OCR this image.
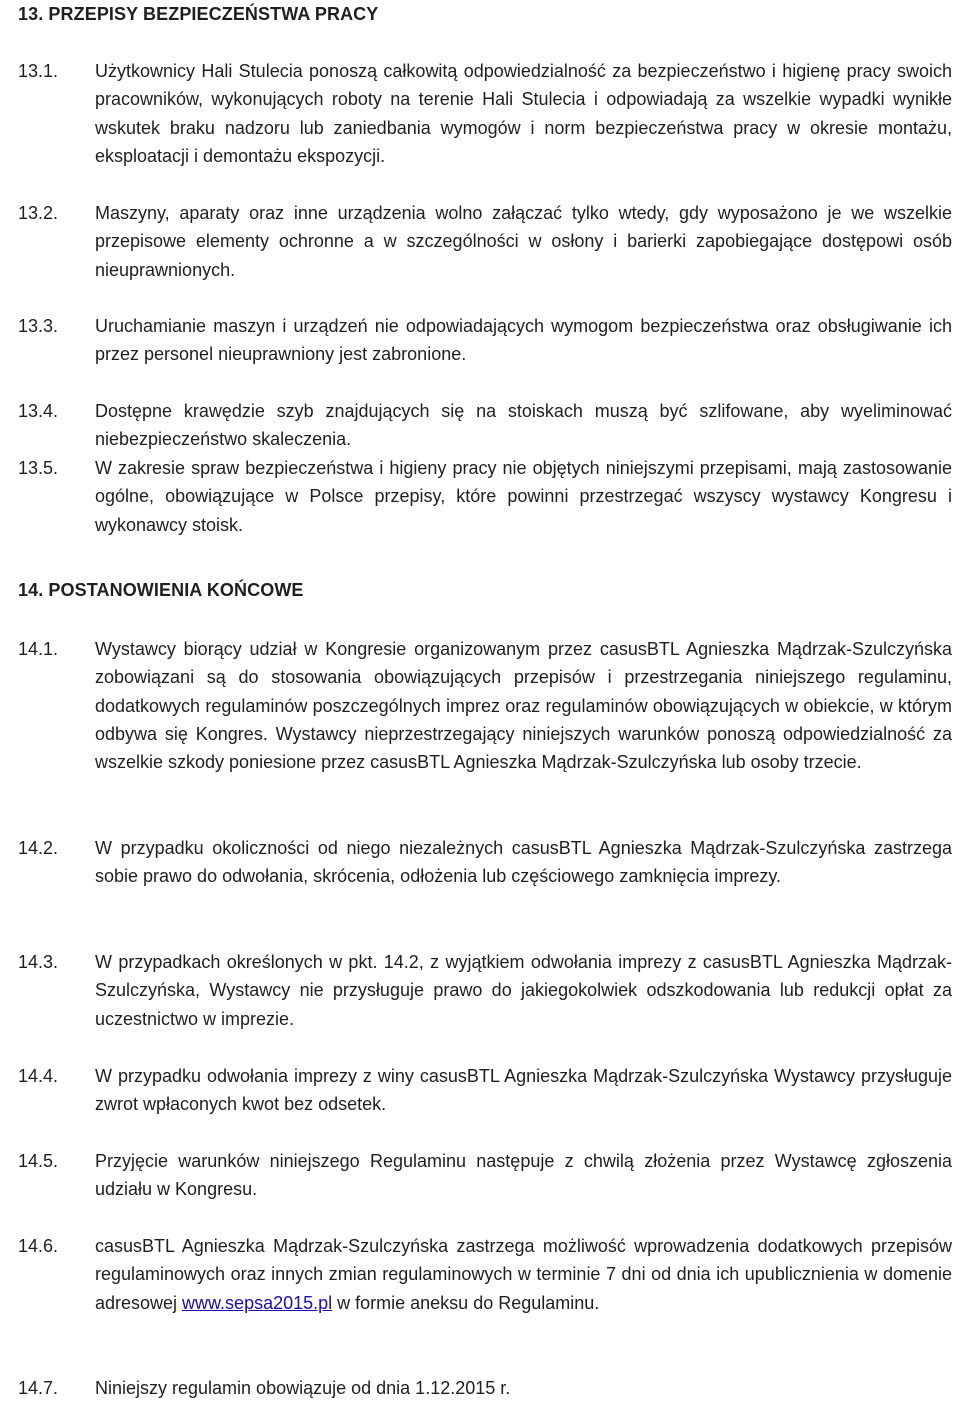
13. PRZEPISY BEZPIECZEŃSTWA PRACY
13.1.	Użytkownicy Hali Stulecia ponoszą całkowitą odpowiedzialność za bezpieczeństwo i higienę pracy swoich pracowników, wykonujących roboty na terenie Hali Stulecia i odpowiadają za wszelkie wypadki wynikłe wskutek braku nadzoru lub zaniedbania wymogów i norm bezpieczeństwa pracy w okresie montażu, eksploatacji i demontażu ekspozycji.
13.2.	Maszyny, aparaty oraz inne urządzenia wolno załączać tylko wtedy, gdy wyposażono je we wszelkie przepisowe elementy ochronne a w szczególności w osłony i barierki zapobiegające dostępowi osób nieuprawnionych.
13.3.	Uruchamianie maszyn i urządzeń nie odpowiadających wymogom bezpieczeństwa oraz obsługiwanie ich przez personel nieuprawniony jest zabronione.
13.4.	Dostępne krawędzie szyb znajdujących się na stoiskach muszą być szlifowane, aby wyeliminować niebezpieczeństwo skaleczenia.
13.5.	W zakresie spraw bezpieczeństwa i higieny pracy nie objętych niniejszymi przepisami, mają zastosowanie ogólne, obowiązujące w Polsce przepisy, które powinni przestrzegać wszyscy wystawcy Kongresu i wykonawcy stoisk.
14. POSTANOWIENIA KOŃCOWE
14.1.	Wystawcy biorący udział w Kongresie organizowanym przez casusBTL Agnieszka Mądrzak-Szulczyńska zobowiązani są do stosowania obowiązujących przepisów i przestrzegania niniejszego regulaminu, dodatkowych regulaminów poszczególnych imprez oraz regulaminów obowiązujących w obiekcie, w którym odbywa się Kongres. Wystawcy nieprzestrzegający niniejszych warunków ponoszą odpowiedzialność za wszelkie szkody poniesione przez casusBTL Agnieszka Mądrzak-Szulczyńska lub osoby trzecie.
14.2.	W przypadku okoliczności od niego niezależnych casusBTL Agnieszka Mądrzak-Szulczyńska zastrzega sobie prawo do odwołania, skrócenia, odłożenia lub częściowego zamknięcia imprezy.
14.3.	W przypadkach określonych w pkt. 14.2, z wyjątkiem odwołania imprezy z casusBTL Agnieszka Mądrzak-Szulczyńska, Wystawcy nie przysługuje prawo do jakiegokolwiek odszkodowania lub redukcji opłat za uczestnictwo w imprezie.
14.4.	W przypadku odwołania imprezy z winy casusBTL Agnieszka Mądrzak-Szulczyńska Wystawcy przysługuje zwrot wpłaconych kwot bez odsetek.
14.5.	Przyjęcie warunków niniejszego Regulaminu następuje z chwilą złożenia przez Wystawcę zgłoszenia udziału w Kongresu.
14.6.	casusBTL Agnieszka Mądrzak-Szulczyńska zastrzega możliwość wprowadzenia dodatkowych przepisów regulaminowych oraz innych zmian regulaminowych w terminie 7 dni od dnia ich upublicznienia w domenie adresowej www.sepsa2015.pl w formie aneksu do Regulaminu.
14.7.	Niniejszy regulamin obowiązuje od dnia 1.12.2015 r.
